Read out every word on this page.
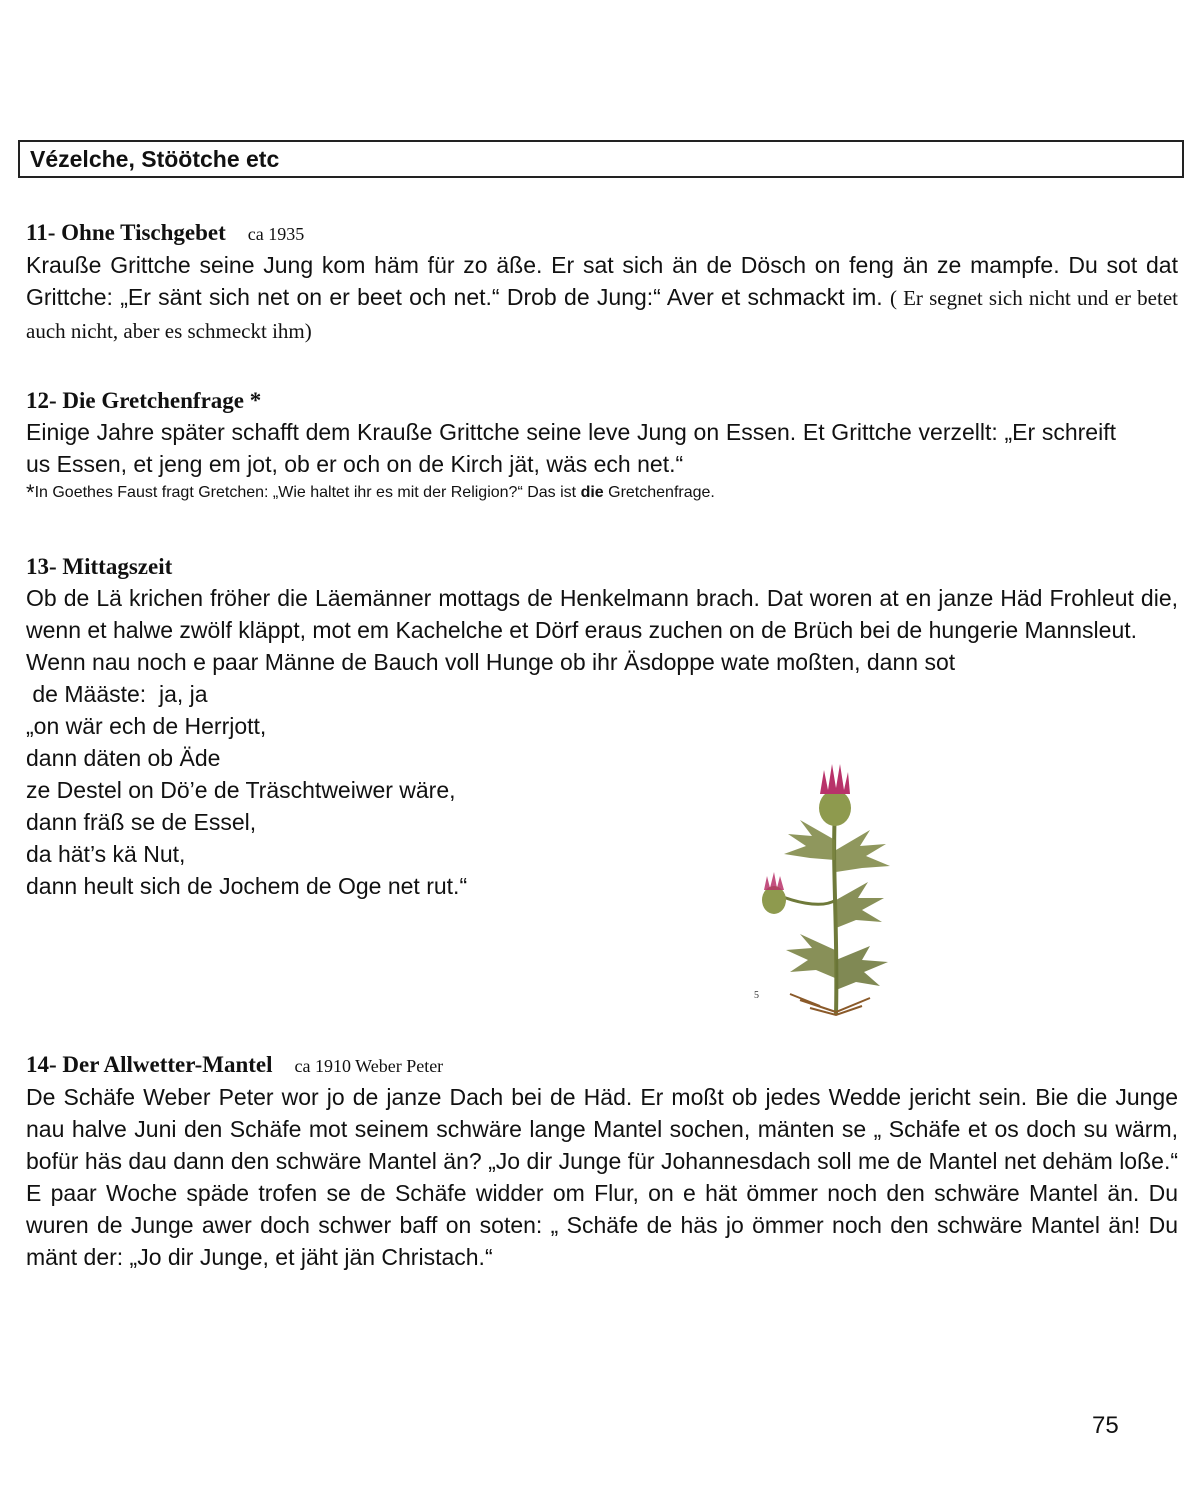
Vézelche, Stöötche etc

11- Ohne Tischgebet ca 1935

Krauße Grittche seine Jung kom häm für zo äße. Er sat sich än de Dösch on feng än ze mampfe. Du sot dat Grittche: „Er sänt sich net on er beet och net.“ Drob de Jung:“ Aver et schmackt im. ( Er segnet sich nicht und er betet auch nicht, aber es schmeckt ihm)

12- Die Gretchenfrage *

Einige Jahre später schafft dem Krauße Grittche seine leve Jung on Essen. Et Grittche verzellt: „Er schreift us Essen, et jeng em jot, ob er och on de Kirch jät, wäs ech net.“

*In Goethes Faust fragt Gretchen: „Wie haltet ihr es mit der Religion?“ Das ist die Gretchenfrage.

13- Mittagszeit

Ob de Lä krichen fröher die Läemänner mottags de Henkelmann brach. Dat woren at en janze Häd Frohleut die, wenn et halwe zwölf kläppt, mot em Kachelche et Dörf eraus zuchen on de Brüch bei de hungerie Mannsleut.

Wenn nau noch e paar Männe de Bauch voll Hunge ob ihr Äsdoppe wate moßten, dann sot

de Määste:  ja, ja

„on wär ech de Herrjott,

dann däten ob Äde

ze Destel on Dö’e de Träschtweiwer wäre,

dann fräß se de Essel,

da hät’s kä Nut,

dann heult sich de Jochem de Oge net rut.“

5

14- Der Allwetter-Mantel ca 1910 Weber Peter

De Schäfe Weber Peter wor jo de janze Dach bei de Häd. Er moßt ob jedes Wedde jericht sein. Bie die Junge nau halve Juni den Schäfe mot seinem schwäre lange Mantel sochen, mänten se „ Schäfe et os doch su wärm, bofür häs dau dann den schwäre Mantel än? „Jo dir Junge für Johannesdach soll me de Mantel net dehäm loße.“ E paar Woche späde trofen se de Schäfe widder om Flur, on e hät ömmer noch den schwäre Mantel än. Du wuren de Junge awer doch schwer baff on soten: „ Schäfe de häs jo ömmer noch den schwäre Mantel än! Du mänt der: „Jo dir Junge, et jäht jän Christach.“

75
